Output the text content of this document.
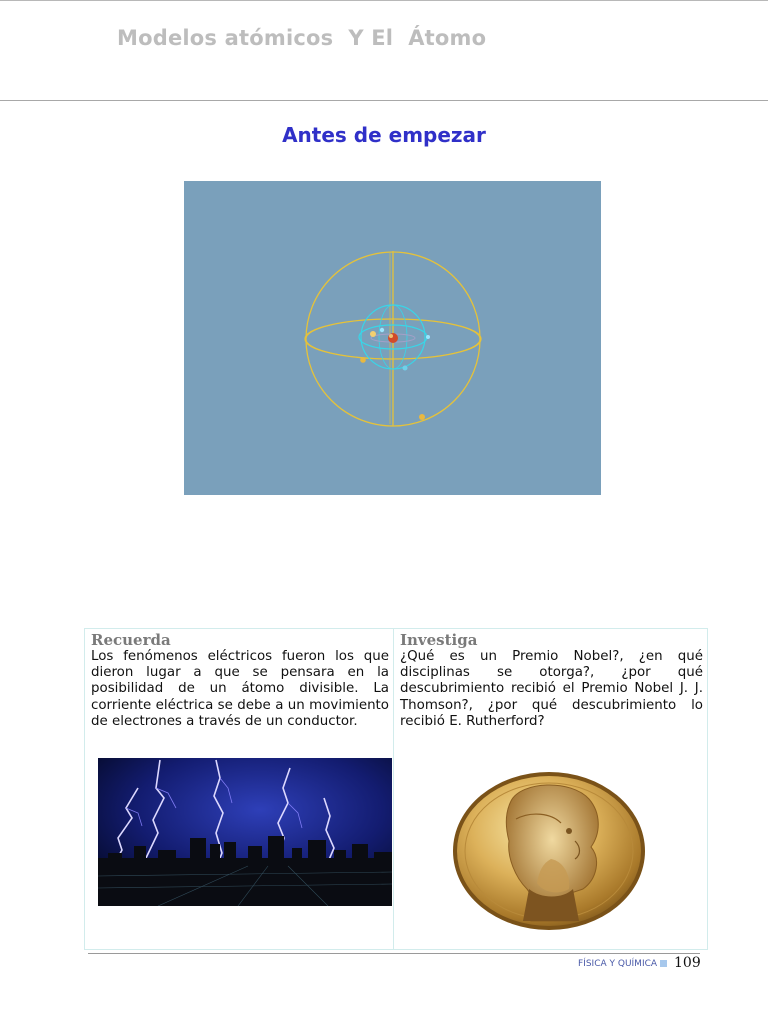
Modelos atómicos  Y El  Átomo
Antes de empezar
Recuerda

Los fenómenos eléctricos fueron los que dieron lugar a que se pensara en la posibilidad de un átomo divisible. La corriente eléctrica se debe a un movimiento de electrones a través de un conductor.

Investiga

¿Qué es un Premio Nobel?, ¿en qué disciplinas se otorga?, ¿por qué descubrimiento recibió el Premio Nobel J. J. Thomson?, ¿por qué descubrimiento lo recibió E. Rutherford?

FÍSICA Y QUÍMICA	109
